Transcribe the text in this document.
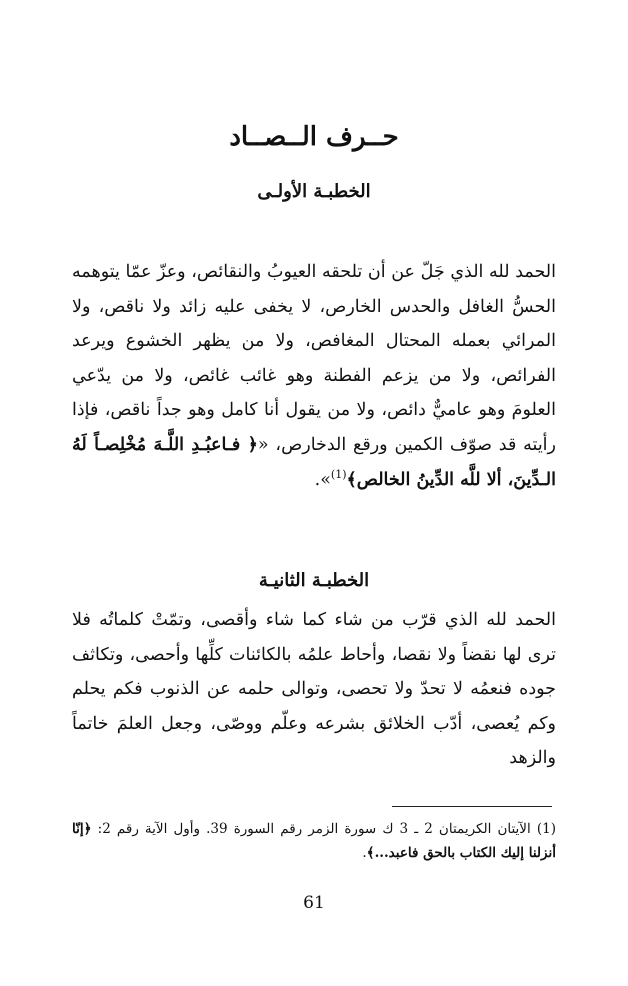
حــرف الــصــاد
الخطبـة الأولـى

الحمد لله الذي جَلّ عن أن تلحقه العيوبُ والنقائص، وعزّ عمّا يتوهمه الحسُّ الغافل والحدس الخارص، لا يخفى عليه زائد ولا ناقص، ولا المرائي بعمله المحتال المغافص، ولا من يظهر الخشوع ويرعد الفرائص، ولا من يزعم الفطنة وهو غائب غائص، ولا من يدّعي العلومَ وهو عاميٌّ دائص، ولا من يقول أنا كامل وهو جداً ناقص، فإذا رأيته قد صوّف الكمين ورقع الدخارص، «﴿ فـاعبُـدِ اللَّـهَ مُخْلِصـاً لَهُ الـدِّينَ، ألا للَّه الدِّينُ الخالص﴾$^{(1)}$».

الخطبـة الثانيـة

الحمد لله الذي قرّب من شاء كما شاء وأقصى، وتمّتْ كلماتُه فلا ترى لها نقضاً ولا نقصا، وأحاط علمُه بالكائنات كلِّها وأحصى، وتكاثف جوده فنعمُه لا تحدّ ولا تحصى، وتوالى حلمه عن الذنوب فكم يحلم وكم يُعصى، أدّب الخلائق بشرعه وعلّم ووصّى، وجعل العلمَ خاتماً والزهد

(1) الآيتان الكريمتان 2 ـ 3 ك سورة الزمر رقم السورة 39. وأول الآية رقم 2: ﴿إنّا أنزلنا إليك الكتاب بالحق فاعبد...﴾.

61
